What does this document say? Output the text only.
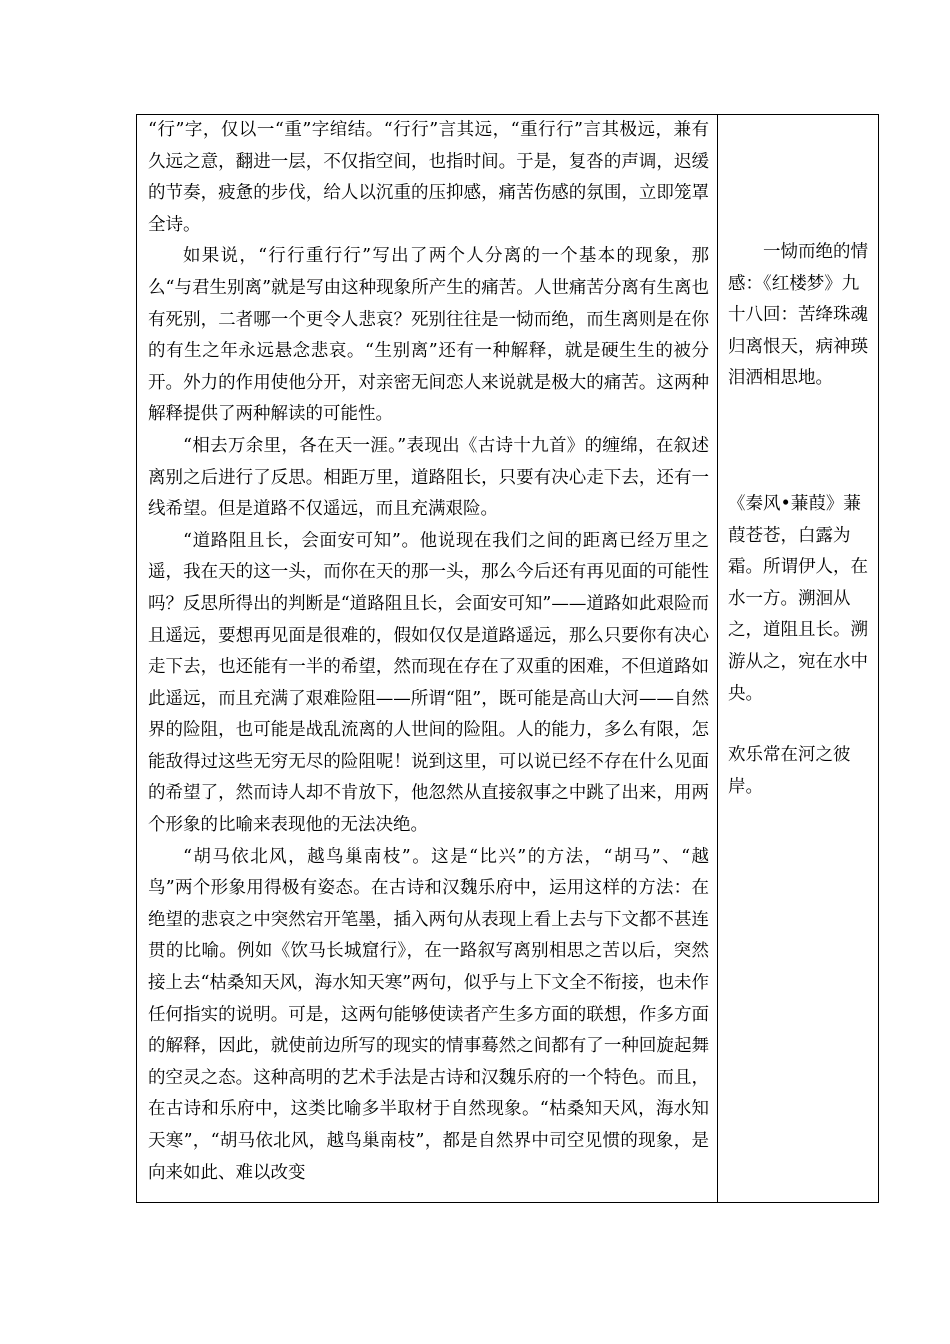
“行”字，仅以一“重”字绾结。“行行”言其远，“重行行”言其极远，兼有久远之意，翻进一层，不仅指空间，也指时间。于是，复沓的声调，迟缓的节奏，疲惫的步伐，给人以沉重的压抑感，痛苦伤感的氛围，立即笼罩全诗。

如果说，“行行重行行”写出了两个人分离的一个基本的现象，那么“与君生别离”就是写由这种现象所产生的痛苦。人世痛苦分离有生离也有死别，二者哪一个更令人悲哀？死别往往是一恸而绝，而生离则是在你的有生之年永远悬念悲哀。“生别离”还有一种解释，就是硬生生的被分开。外力的作用使他分开，对亲密无间恋人来说就是极大的痛苦。这两种解释提供了两种解读的可能性。

“相去万余里，各在天一涯。”表现出《古诗十九首》的缠绵，在叙述离别之后进行了反思。相距万里，道路阻长，只要有决心走下去，还有一线希望。但是道路不仅遥远，而且充满艰险。

“道路阻且长，会面安可知”。他说现在我们之间的距离已经万里之遥，我在天的这一头，而你在天的那一头，那么今后还有再见面的可能性吗？反思所得出的判断是“道路阻且长，会面安可知”——道路如此艰险而且遥远，要想再见面是很难的，假如仅仅是道路遥远，那么只要你有决心走下去，也还能有一半的希望，然而现在存在了双重的困难，不但道路如此遥远，而且充满了艰难险阻——所谓“阻”，既可能是高山大河——自然界的险阻，也可能是战乱流离的人世间的险阻。人的能力，多么有限，怎能敌得过这些无穷无尽的险阻呢！说到这里，可以说已经不存在什么见面的希望了，然而诗人却不肯放下，他忽然从直接叙事之中跳了出来，用两个形象的比喻来表现他的无法决绝。

“胡马依北风，越鸟巢南枝”。这是“比兴”的方法，“胡马”、“越鸟”两个形象用得极有姿态。在古诗和汉魏乐府中，运用这样的方法：在绝望的悲哀之中突然宕开笔墨，插入两句从表现上看上去与下文都不甚连贯的比喻。例如《饮马长城窟行》，在一路叙写离别相思之苦以后，突然接上去“枯桑知天风，海水知天寒”两句，似乎与上下文全不衔接，也未作任何指实的说明。可是，这两句能够使读者产生多方面的联想，作多方面的解释，因此，就使前边所写的现实的情事蓦然之间都有了一种回旋起舞的空灵之态。这种高明的艺术手法是古诗和汉魏乐府的一个特色。而且，在古诗和乐府中，这类比喻多半取材于自然现象。“枯桑知天风，海水知天寒”，“胡马依北风，越鸟巢南枝”，都是自然界中司空见惯的现象，是向来如此、难以改变

一恸而绝的情感：《红楼梦》九十八回：苦绛珠魂归离恨天，病神瑛泪洒相思地。

《秦风•蒹葭》蒹葭苍苍，白露为霜。所谓伊人，在水一方。溯洄从之，道阻且长。溯游从之，宛在水中央。

欢乐常在河之彼岸。
